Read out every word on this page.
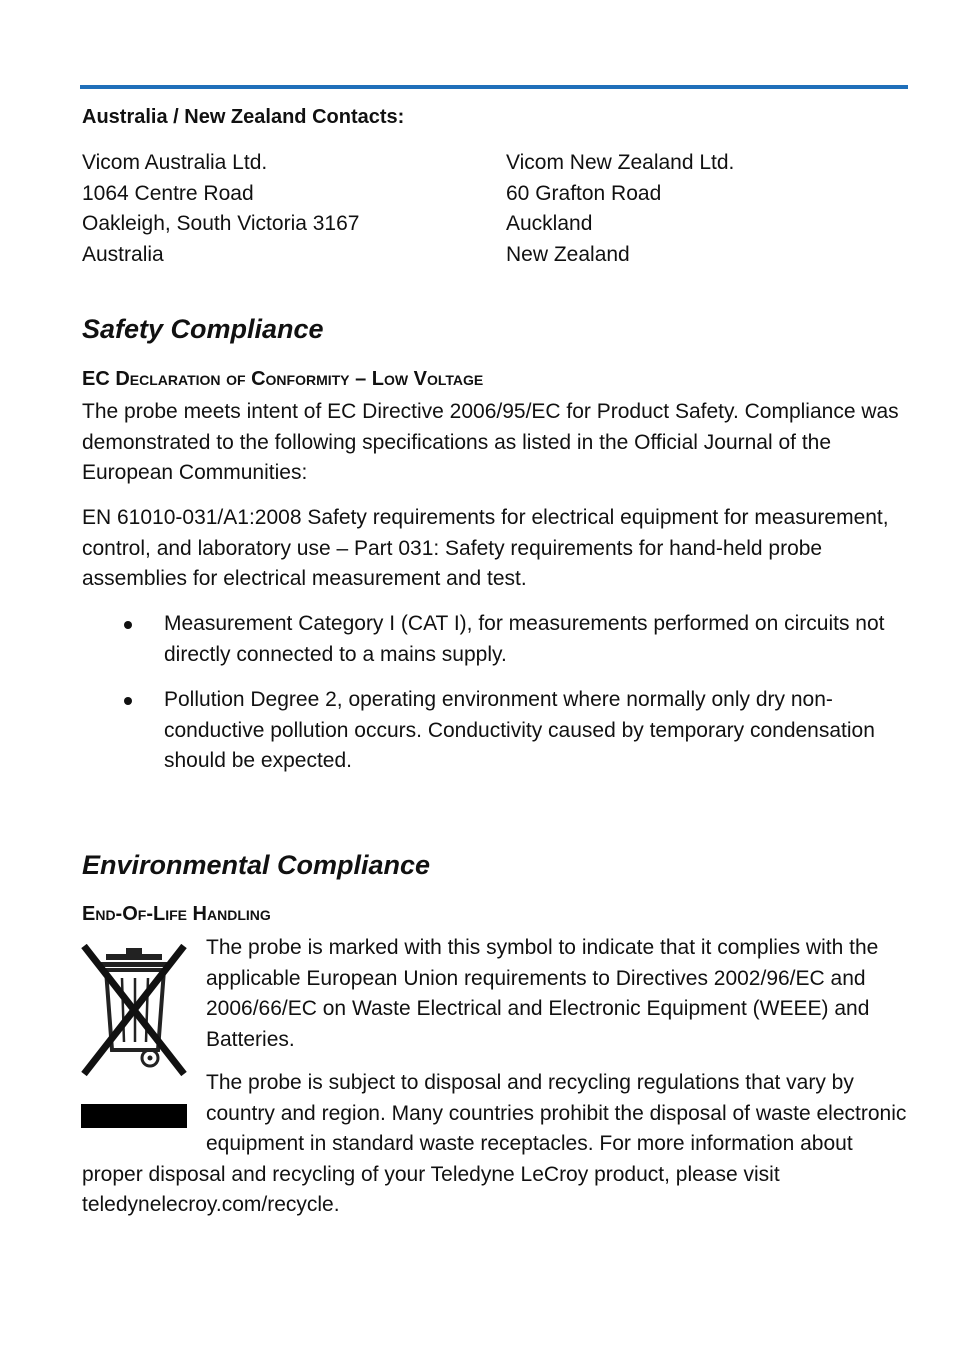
Australia / New Zealand Contacts:
Vicom Australia Ltd.
1064 Centre Road
Oakleigh, South Victoria 3167
Australia
Vicom New Zealand Ltd.
60 Grafton Road
Auckland
New Zealand
Safety Compliance
EC Declaration of Conformity – Low Voltage
The probe meets intent of EC Directive 2006/95/EC for Product Safety. Compliance was demonstrated to the following specifications as listed in the Official Journal of the European Communities:
EN 61010-031/A1:2008 Safety requirements for electrical equipment for measurement, control, and laboratory use – Part 031: Safety requirements for hand-held probe assemblies for electrical measurement and test.
Measurement Category I (CAT I), for measurements performed on circuits not directly connected to a mains supply.
Pollution Degree 2, operating environment where normally only dry non-conductive pollution occurs. Conductivity caused by temporary condensation should be expected.
Environmental Compliance
End-Of-Life Handling

The probe is marked with this symbol to indicate that it complies with the applicable European Union requirements to Directives 2002/96/EC and 2006/66/EC on Waste Electrical and Electronic Equipment (WEEE) and Batteries.

The probe is subject to disposal and recycling regulations that vary by country and region. Many countries prohibit the disposal of waste electronic equipment in standard waste receptacles. For more information about proper disposal and recycling of your Teledyne LeCroy product, please visit teledynelecroy.com/recycle.
